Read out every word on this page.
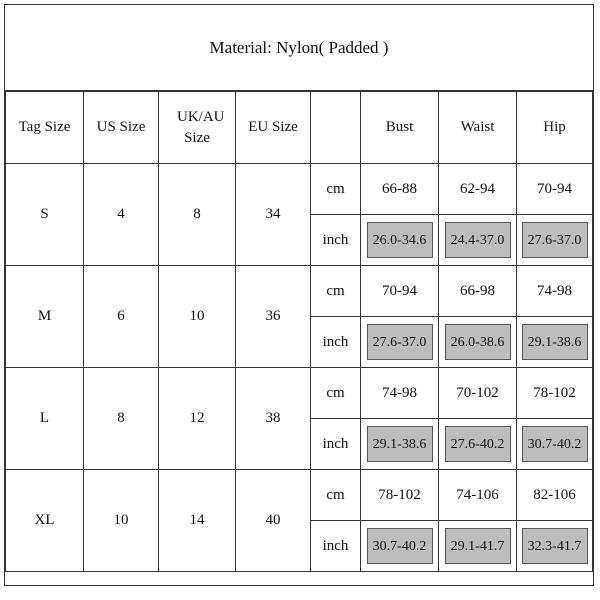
Material: Nylon( Padded )
Tag Size	US Size	UK/AU Size	EU Size		Bust	Waist	Hip
S	4	8	34	cm	66-88	62-94	70-94
				inch	26.0-34.6	24.4-37.0	27.6-37.0
M	6	10	36	cm	70-94	66-98	74-98
				inch	27.6-37.0	26.0-38.6	29.1-38.6
L	8	12	38	cm	74-98	70-102	78-102
				inch	29.1-38.6	27.6-40.2	30.7-40.2
XL	10	14	40	cm	78-102	74-106	82-106
				inch	30.7-40.2	29.1-41.7	32.3-41.7
